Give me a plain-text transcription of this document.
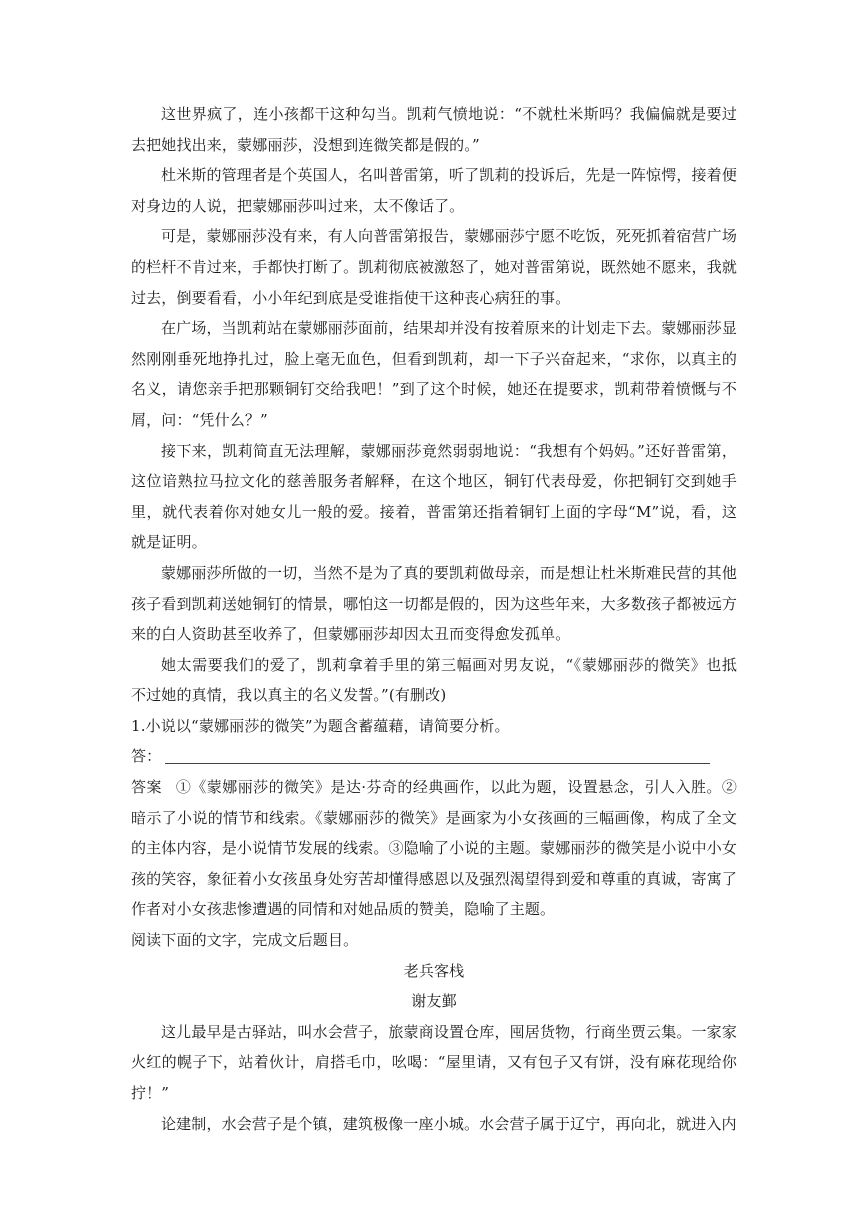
这世界疯了，连小孩都干这种勾当。凯莉气愤地说：“不就杜米斯吗？我偏偏就是要过去把她找出来，蒙娜丽莎，没想到连微笑都是假的。”

杜米斯的管理者是个英国人，名叫普雷第，听了凯莉的投诉后，先是一阵惊愕，接着便对身边的人说，把蒙娜丽莎叫过来，太不像话了。

可是，蒙娜丽莎没有来，有人向普雷第报告，蒙娜丽莎宁愿不吃饭，死死抓着宿营广场的栏杆不肯过来，手都快打断了。凯莉彻底被激怒了，她对普雷第说，既然她不愿来，我就过去，倒要看看，小小年纪到底是受谁指使干这种丧心病狂的事。

在广场，当凯莉站在蒙娜丽莎面前，结果却并没有按着原来的计划走下去。蒙娜丽莎显然刚刚垂死地挣扎过，脸上毫无血色，但看到凯莉，却一下子兴奋起来，“求你，以真主的名义，请您亲手把那颗铜钉交给我吧！”到了这个时候，她还在提要求，凯莉带着愤慨与不屑，问：“凭什么？”

接下来，凯莉简直无法理解，蒙娜丽莎竟然弱弱地说：“我想有个妈妈。”还好普雷第，这位谙熟拉马拉文化的慈善服务者解释，在这个地区，铜钉代表母爱，你把铜钉交到她手里，就代表着你对她女儿一般的爱。接着，普雷第还指着铜钉上面的字母“M”说，看，这就是证明。

蒙娜丽莎所做的一切，当然不是为了真的要凯莉做母亲，而是想让杜米斯难民营的其他孩子看到凯莉送她铜钉的情景，哪怕这一切都是假的，因为这些年来，大多数孩子都被远方来的白人资助甚至收养了，但蒙娜丽莎却因太丑而变得愈发孤单。

她太需要我们的爱了，凯莉拿着手里的第三幅画对男友说，“《蒙娜丽莎的微笑》也抵不过她的真情，我以真主的名义发誓。”(有删改)

1.小说以“蒙娜丽莎的微笑”为题含蓄蕴藉，请简要分析。

答：

答案 ①《蒙娜丽莎的微笑》是达·芬奇的经典画作，以此为题，设置悬念，引人入胜。②暗示了小说的情节和线索。《蒙娜丽莎的微笑》是画家为小女孩画的三幅画像，构成了全文的主体内容，是小说情节发展的线索。③隐喻了小说的主题。蒙娜丽莎的微笑是小说中小女孩的笑容，象征着小女孩虽身处穷苦却懂得感恩以及强烈渴望得到爱和尊重的真诚，寄寓了作者对小女孩悲惨遭遇的同情和对她品质的赞美，隐喻了主题。

阅读下面的文字，完成文后题目。

老兵客栈

谢友鄞

这儿最早是古驿站，叫水会营子，旅蒙商设置仓库，囤居货物，行商坐贾云集。一家家火红的幌子下，站着伙计，肩搭毛巾，吆喝：“屋里请，又有包子又有饼，没有麻花现给你拧！”

论建制，水会营子是个镇，建筑极像一座小城。水会营子属于辽宁，再向北，就进入内
